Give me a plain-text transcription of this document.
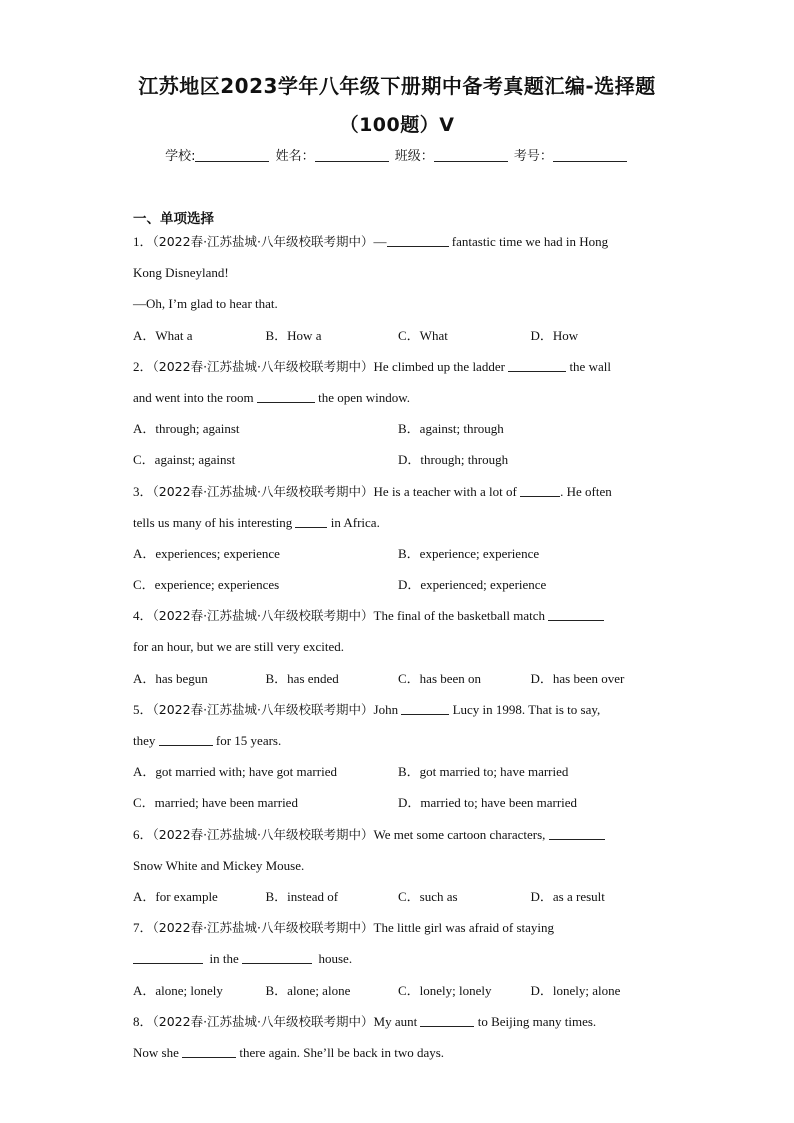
江苏地区2023学年八年级下册期中备考真题汇编-选择题
（100题）Ⅴ
学校:	姓名：	班级：	考号：
一、单项选择
1．（2022春·江苏盐城·八年级校联考期中）—	fantastic time we had in Hong
Kong Disneyland!
—Oh, I’m glad to hear that.
A．What a	B．How a	C．What	D．How
2．（2022春·江苏盐城·八年级校联考期中）He climbed up the ladder	the wall
and went into the room	the open window.
A．through; against	B．against; through
C．against; against	D．through; through
3．（2022春·江苏盐城·八年级校联考期中）He is a teacher with a lot of	. He often
tells us many of his interesting	in Africa.
A．experiences; experience	B．experience; experience
C．experience; experiences	D．experienced; experience
4．（2022春·江苏盐城·八年级校联考期中）The final of the basketball match
for an hour, but we are still very excited.
A．has begun	B．has ended	C．has been on	D．has been over
5．（2022春·江苏盐城·八年级校联考期中）John	Lucy in 1998. That is to say,
they	for 15 years.
A．got married with; have got married	B．got married to; have married
C．married; have been married	D．married to; have been married
6．（2022春·江苏盐城·八年级校联考期中）We met some cartoon characters,
Snow White and Mickey Mouse.
A．for example	B．instead of	C．such as	D．as a result
7．（2022春·江苏盐城·八年级校联考期中）The little girl was afraid of staying
in the	house.
A．alone; lonely	B．alone; alone	C．lonely; lonely	D．lonely; alone
8．（2022春·江苏盐城·八年级校联考期中）My aunt	to Beijing many times.
Now she	there again. She’ll be back in two days.
